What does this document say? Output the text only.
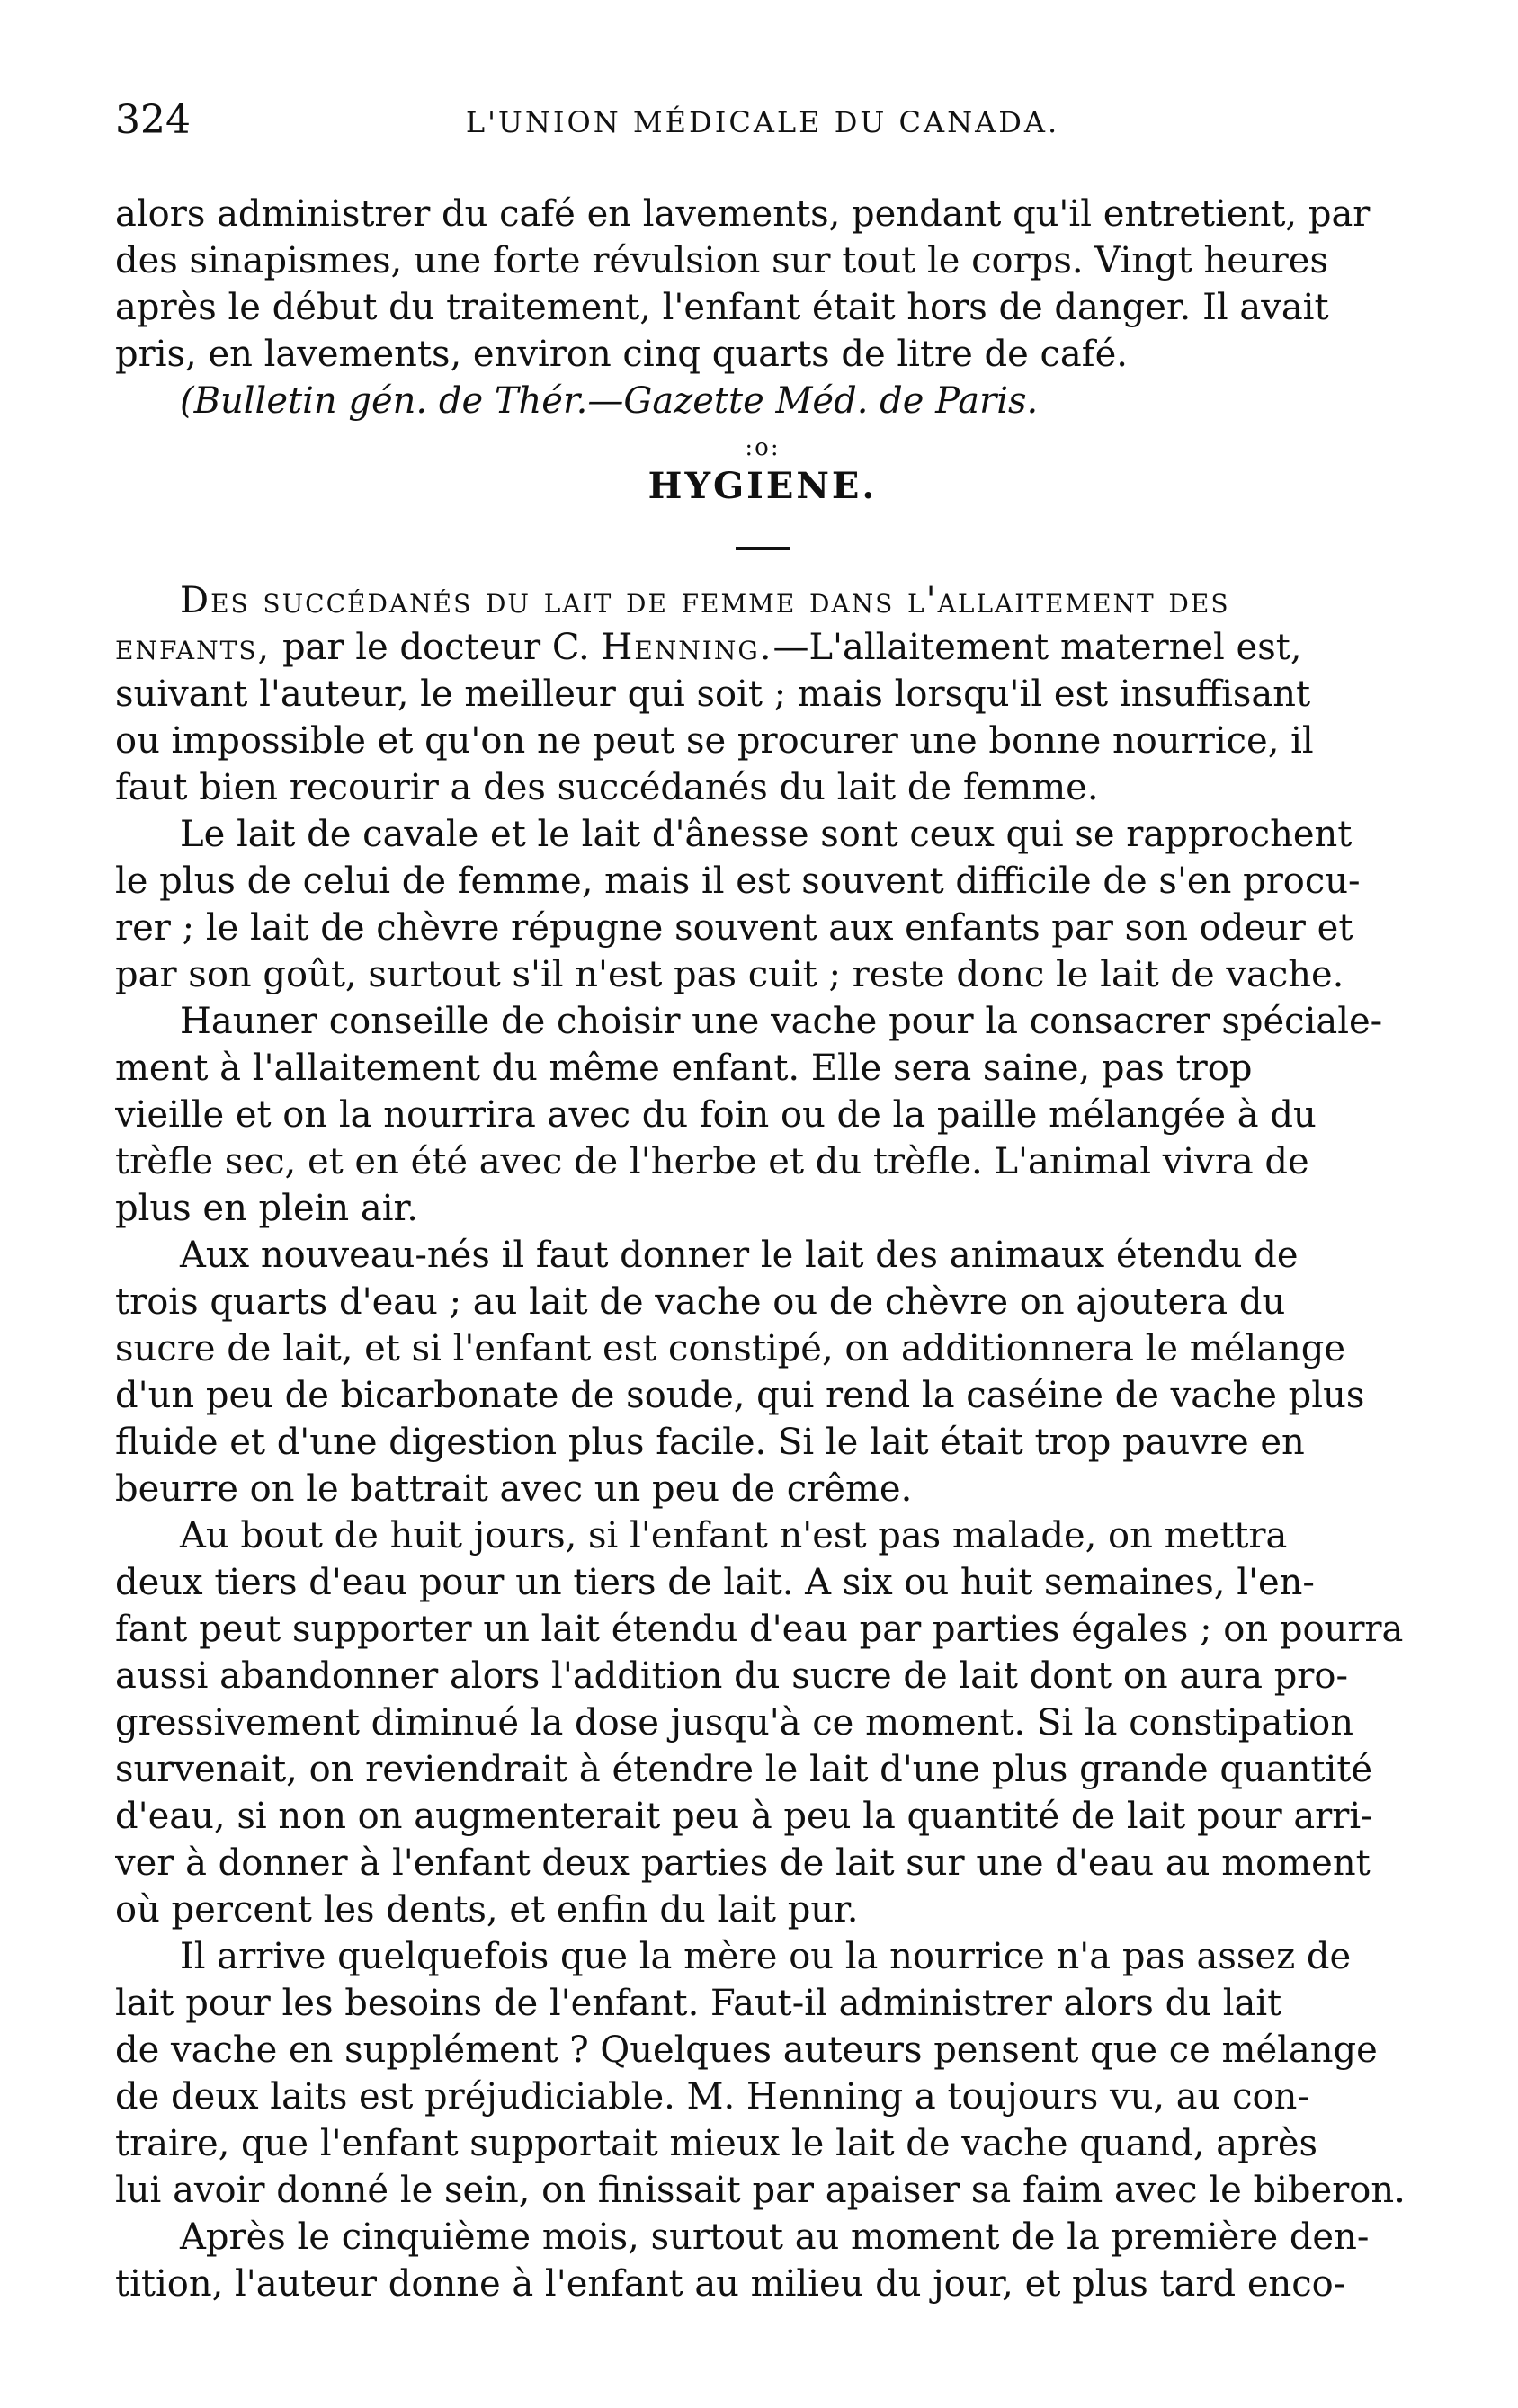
324	L'UNION MÉDICALE DU CANADA.
alors administrer du café en lavements, pendant qu'il entretient, par
des sinapismes, une forte révulsion sur tout le corps. Vingt heures
après le début du traitement, l'enfant était hors de danger. Il avait
pris, en lavements, environ cinq quarts de litre de café.
(Bulletin gén. de Thér.—Gazette Méd. de Paris.
:o:
HYGIENE.
Des succédanés du lait de femme dans l'allaitement des
enfants, par le docteur C. Henning.—L'allaitement maternel est,
suivant l'auteur, le meilleur qui soit ; mais lorsqu'il est insuffisant
ou impossible et qu'on ne peut se procurer une bonne nourrice, il
faut bien recourir a des succédanés du lait de femme.
Le lait de cavale et le lait d'ânesse sont ceux qui se rapprochent
le plus de celui de femme, mais il est souvent difficile de s'en procu-
rer ; le lait de chèvre répugne souvent aux enfants par son odeur et
par son goût, surtout s'il n'est pas cuit ; reste donc le lait de vache.
Hauner conseille de choisir une vache pour la consacrer spéciale-
ment à l'allaitement du même enfant. Elle sera saine, pas trop
vieille et on la nourrira avec du foin ou de la paille mélangée à du
trèfle sec, et en été avec de l'herbe et du trèfle. L'animal vivra de
plus en plein air.
Aux nouveau-nés il faut donner le lait des animaux étendu de
trois quarts d'eau ; au lait de vache ou de chèvre on ajoutera du
sucre de lait, et si l'enfant est constipé, on additionnera le mélange
d'un peu de bicarbonate de soude, qui rend la caséine de vache plus
fluide et d'une digestion plus facile. Si le lait était trop pauvre en
beurre on le battrait avec un peu de crême.
Au bout de huit jours, si l'enfant n'est pas malade, on mettra
deux tiers d'eau pour un tiers de lait. A six ou huit semaines, l'en-
fant peut supporter un lait étendu d'eau par parties égales ; on pourra
aussi abandonner alors l'addition du sucre de lait dont on aura pro-
gressivement diminué la dose jusqu'à ce moment. Si la constipation
survenait, on reviendrait à étendre le lait d'une plus grande quantité
d'eau, si non on augmenterait peu à peu la quantité de lait pour arri-
ver à donner à l'enfant deux parties de lait sur une d'eau au moment
où percent les dents, et enfin du lait pur.
Il arrive quelquefois que la mère ou la nourrice n'a pas assez de
lait pour les besoins de l'enfant. Faut-il administrer alors du lait
de vache en supplément ? Quelques auteurs pensent que ce mélange
de deux laits est préjudiciable. M. Henning a toujours vu, au con-
traire, que l'enfant supportait mieux le lait de vache quand, après
lui avoir donné le sein, on finissait par apaiser sa faim avec le biberon.
Après le cinquième mois, surtout au moment de la première den-
tition, l'auteur donne à l'enfant au milieu du jour, et plus tard enco-
